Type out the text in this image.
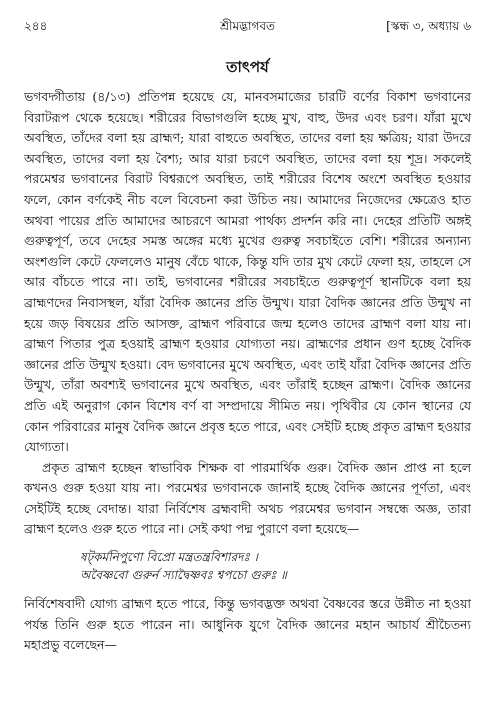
২৪৪	শ্রীমদ্ভাগবত	[স্কন্ধ ৩, অধ্যায় ৬
তাৎপর্য

ভগবদ্গীতায় (৪/১৩) প্রতিপন্ন হয়েছে যে, মানবসমাজের চারটি বর্ণের বিকাশ ভগবানের বিরাটরূপ থেকে হয়েছে। শরীরের বিভাগগুলি হচ্ছে মুখ, বাহু, উদর এবং চরণ। যাঁরা মুখে অবস্থিত, তাঁদের বলা হয় ব্রাহ্মণ; যারা বাহুতে অবস্থিত, তাদের বলা হয় ক্ষত্রিয়; যারা উদরে অবস্থিত, তাদের বলা হয় বৈশ্য; আর যারা চরণে অবস্থিত, তাদের বলা হয় শূদ্র। সকলেই পরমেশ্বর ভগবানের বিরাট বিশ্বরূপে অবস্থিত, তাই শরীরের বিশেষ অংশে অবস্থিত হওয়ার ফলে, কোন বর্ণকেই নীচ বলে বিবেচনা করা উচিত নয়। আমাদের নিজেদের ক্ষেত্রেও হাত অথবা পায়ের প্রতি আমাদের আচরণে আমরা পার্থক্য প্রদর্শন করি না। দেহের প্রতিটি অঙ্গই গুরুত্বপূর্ণ, তবে দেহের সমস্ত অঙ্গের মধ্যে মুখের গুরুত্ব সবচাইতে বেশি। শরীরের অন্যান্য অংশগুলি কেটে ফেললেও মানুষ বেঁচে থাকে, কিন্তু যদি তার মুখ কেটে ফেলা হয়, তাহলে সে আর বাঁচতে পারে না। তাই, ভগবানের শরীরের সবচাইতে গুরুত্বপূর্ণ স্থানটিকে বলা হয় ব্রাহ্মণদের নিবাসস্থল, যাঁরা বৈদিক জ্ঞানের প্রতি উন্মুখ। যারা বৈদিক জ্ঞানের প্রতি উন্মুখ না হয়ে জড় বিষয়ের প্রতি আসক্ত, ব্রাহ্মণ পরিবারে জন্ম হলেও তাদের ব্রাহ্মণ বলা যায় না। ব্রাহ্মণ পিতার পুত্র হওয়াই ব্রাহ্মণ হওয়ার যোগ্যতা নয়। ব্রাহ্মণের প্রধান গুণ হচ্ছে বৈদিক জ্ঞানের প্রতি উন্মুখ হওয়া। বেদ ভগবানের মুখে অবস্থিত, এবং তাই যাঁরা বৈদিক জ্ঞানের প্রতি উন্মুখ, তাঁরা অবশ্যই ভগবানের মুখে অবস্থিত, এবং তাঁরাই হচ্ছেন ব্রাহ্মণ। বৈদিক জ্ঞানের প্রতি এই অনুরাগ কোন বিশেষ বর্ণ বা সম্প্রদায়ে সীমিত নয়। পৃথিবীর যে কোন স্থানের যে কোন পরিবারের মানুষ বৈদিক জ্ঞানে প্রবৃত্ত হতে পারে, এবং সেইটি হচ্ছে প্রকৃত ব্রাহ্মণ হওয়ার যোগ্যতা।

প্রকৃত ব্রাহ্মণ হচ্ছেন স্বাভাবিক শিক্ষক বা পারমার্থিক গুরু। বৈদিক জ্ঞান প্রাপ্ত না হলে কখনও গুরু হওয়া যায় না। পরমেশ্বর ভগবানকে জানাই হচ্ছে বৈদিক জ্ঞানের পূর্ণতা, এবং সেইটিই হচ্ছে বেদান্ত। যারা নির্বিশেষ ব্রহ্মবাদী অথচ পরমেশ্বর ভগবান সম্বন্ধে অজ্ঞ, তারা ব্রাহ্মণ হলেও গুরু হতে পারে না। সেই কথা পদ্ম পুরাণে বলা হয়েছে—

ষট্কর্মনিপুণো বিপ্রো মন্ত্রতন্ত্রবিশারদঃ ।
অবৈষ্ণবো গুরুর্ন স্যাদ্বৈষ্ণবঃ শ্বপচো গুরুঃ ॥

নির্বিশেষবাদী যোগ্য ব্রাহ্মণ হতে পারে, কিন্তু ভগবদ্ভক্ত অথবা বৈষ্ণবের স্তরে উন্নীত না হওয়া পর্যন্ত তিনি গুরু হতে পারেন না। আধুনিক যুগে বৈদিক জ্ঞানের মহান আচার্য শ্রীচৈতন্য মহাপ্রভু বলেছেন—
